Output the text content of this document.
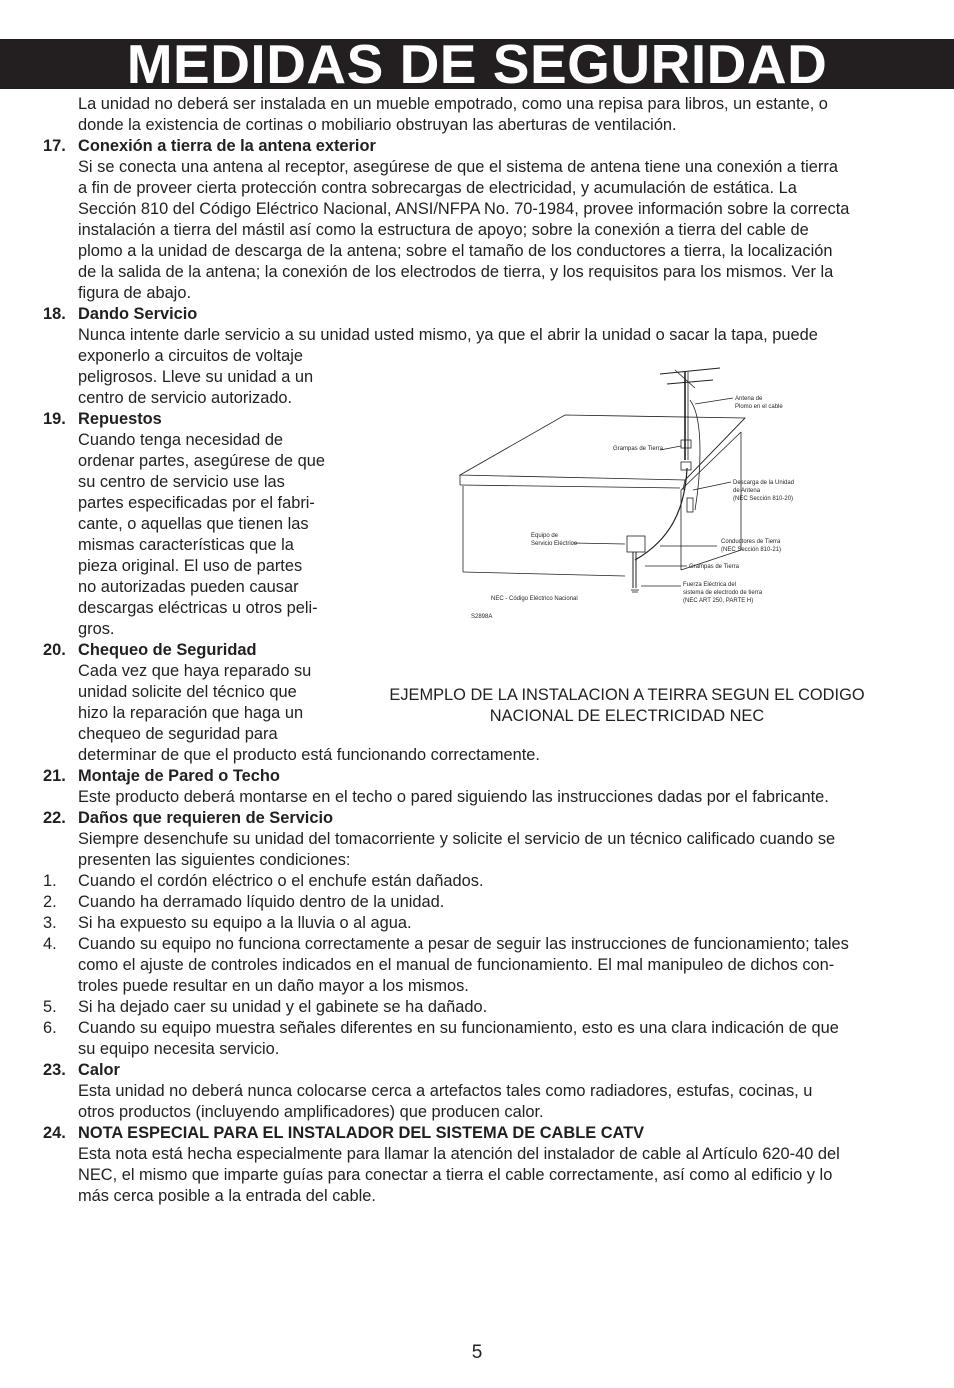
MEDIDAS DE SEGURIDAD
La unidad no deberá ser instalada en un mueble empotrado, como una repisa para libros, un estante, o
donde la existencia de cortinas o mobiliario obstruyan las aberturas de ventilación.
17. Conexión a tierra de la antena exterior
Si se conecta una antena al receptor, asegúrese de que el sistema de antena tiene una conexión a tierra
a fin de proveer cierta protección contra sobrecargas de electricidad, y acumulación de estática. La
Sección 810 del Código Eléctrico Nacional, ANSI/NFPA No. 70-1984, provee información sobre la correcta
instalación a tierra del mástil así como la estructura de apoyo; sobre la conexión a tierra del cable de
plomo a la unidad de descarga de la antena; sobre el tamaño de los conductores a tierra, la localización
de la salida de la antena; la conexión de los electrodos de tierra, y los requisitos para los mismos. Ver la
figura de abajo.
18. Dando Servicio
Nunca intente darle servicio a su unidad usted mismo, ya que el abrir la unidad o sacar la tapa, puede
exponerlo a circuitos de voltaje
peligrosos. Lleve su unidad a un
centro de servicio autorizado.
19. Repuestos
Cuando tenga necesidad de
ordenar partes, asegúrese de que
su centro de servicio use las
partes especificadas por el fabri-
cante, o aquellas que tienen las
mismas características que la
pieza original. El uso de partes
no autorizadas pueden causar
descargas eléctricas u otros peli-
gros.
20. Chequeo de Seguridad
Cada vez que haya reparado su
unidad solicite del técnico que
hizo la reparación que haga un
chequeo de seguridad para
determinar de que el producto está funcionando correctamente.
21. Montaje de Pared o Techo
Este producto deberá montarse en el techo o pared siguiendo las instrucciones dadas por el fabricante.
22. Daños que requieren de Servicio
Siempre desenchufe su unidad del tomacorriente y solicite el servicio de un técnico calificado cuando se
presenten las siguientes condiciones:
1. Cuando el cordón eléctrico o el enchufe están dañados.
2. Cuando ha derramado líquido dentro de la unidad.
3. Si ha expuesto su equipo a la lluvia o al agua.
4. Cuando su equipo no funciona correctamente a pesar de seguir las instrucciones de funcionamiento; tales
como el ajuste de controles indicados en el manual de funcionamiento. El mal manipuleo de dichos con-
troles puede resultar en un daño mayor a los mismos.
5. Si ha dejado caer su unidad y el gabinete se ha dañado.
6. Cuando su equipo muestra señales diferentes en su funcionamiento, esto es una clara indicación de que
su equipo necesita servicio.
23. Calor
Esta unidad no deberá nunca colocarse cerca a artefactos tales como radiadores, estufas, cocinas, u
otros productos (incluyendo amplificadores) que producen calor.
24. NOTA ESPECIAL PARA EL INSTALADOR DEL SISTEMA DE CABLE CATV
Esta nota está hecha especialmente para llamar la atención del instalador de cable al Artículo 620-40 del
NEC, el mismo que imparte guías para conectar a tierra el cable correctamente, así como al edificio y lo
más cerca posible a la entrada del cable.
Antena de
Plomo en el cable
Grampas de Tierra
Descarga de la Unidad
de Antena
(NEC Sección 810-20)
Equipo de
Servicio Eléctrico	Conductores de Tierra
(NEC Sección 810-21)
Grampas de Tierra
Fuerza Eléctrica del
sistema de electrodo de tierra
(NEC ART 250, PARTE H)
NEC - Código Eléctrico Nacional
S2898A
EJEMPLO DE LA INSTALACION A TEIRRA SEGUN EL CODIGO
NACIONAL DE ELECTRICIDAD NEC
5
